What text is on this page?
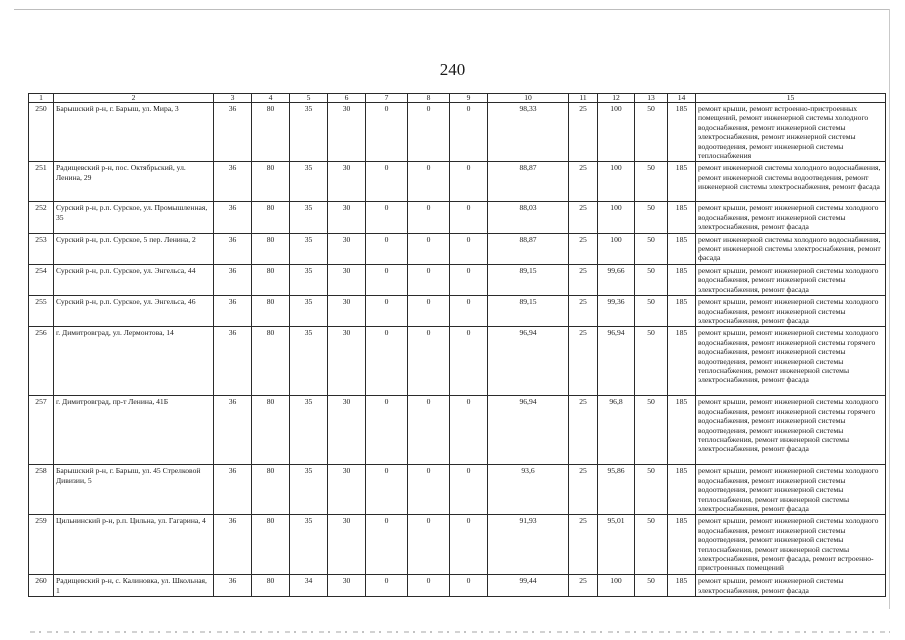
240
1	2	3	4	5	6	7	8	9	10	11	12	13	14	15
250	Барышский р-н, г. Барыш, ул. Мира, 3	36	80	35	30	0	0	0	98,33	25	100	50	185	ремонт крыши, ремонт встроенно-пристроенных помещений, ремонт инженерной системы холодного водоснабжения, ремонт инженерной системы электроснабжения, ремонт инженерной системы водоотведения, ремонт инженерной системы теплоснабжения
251	Радищевский р-н, пос. Октябрьский, ул. Ленина, 29	36	80	35	30	0	0	0	88,87	25	100	50	185	ремонт инженерной системы холодного водоснабжения, ремонт инженерной системы водоотведения, ремонт инженерной системы электроснабжения, ремонт фасада
252	Сурский р-н, р.п. Сурское, ул. Промышленная, 35	36	80	35	30	0	0	0	88,03	25	100	50	185	ремонт крыши, ремонт инженерной системы холодного водоснабжения, ремонт инженерной системы электроснабжения, ремонт фасада
253	Сурский р-н, р.п. Сурское, 5 пер. Ленина, 2	36	80	35	30	0	0	0	88,87	25	100	50	185	ремонт инженерной системы холодного водоснабжения, ремонт инженерной системы электроснабжения, ремонт фасада
254	Сурский р-н, р.п. Сурское, ул. Энгельса, 44	36	80	35	30	0	0	0	89,15	25	99,66	50	185	ремонт крыши, ремонт инженерной системы холодного водоснабжения, ремонт инженерной системы электроснабжения, ремонт фасада
255	Сурский р-н, р.п. Сурское, ул. Энгельса, 46	36	80	35	30	0	0	0	89,15	25	99,36	50	185	ремонт крыши, ремонт инженерной системы холодного водоснабжения, ремонт инженерной системы электроснабжения, ремонт фасада
256	г. Димитровград, ул. Лермонтова, 14	36	80	35	30	0	0	0	96,94	25	96,94	50	185	ремонт крыши, ремонт инженерной системы холодного водоснабжения, ремонт инженерной системы горячего водоснабжения, ремонт инженерной системы водоотведения, ремонт инженерной системы теплоснабжения, ремонт инженерной системы электроснабжения, ремонт фасада
257	г. Димитровград, пр-т Ленина, 41Б	36	80	35	30	0	0	0	96,94	25	96,8	50	185	ремонт крыши, ремонт инженерной системы холодного водоснабжения, ремонт инженерной системы горячего водоснабжения, ремонт инженерной системы водоотведения, ремонт инженерной системы теплоснабжения, ремонт инженерной системы электроснабжения, ремонт фасада
258	Барышский р-н, г. Барыш, ул. 45 Стрелковой Дивизии, 5	36	80	35	30	0	0	0	93,6	25	95,86	50	185	ремонт крыши, ремонт инженерной системы холодного водоснабжения, ремонт инженерной системы водоотведения, ремонт инженерной системы теплоснабжения, ремонт инженерной системы электроснабжения, ремонт фасада
259	Цильнинский р-н, р.п. Цильна, ул. Гагарина, 4	36	80	35	30	0	0	0	91,93	25	95,01	50	185	ремонт крыши, ремонт инженерной системы холодного водоснабжения, ремонт инженерной системы водоотведения, ремонт инженерной системы теплоснабжения, ремонт инженерной системы электроснабжения, ремонт фасада, ремонт встроенно-пристроенных помещений
260	Радищевский р-н, с. Калиновка, ул. Школьная, 1	36	80	34	30	0	0	0	99,44	25	100	50	185	ремонт крыши, ремонт инженерной системы электроснабжения, ремонт фасада
